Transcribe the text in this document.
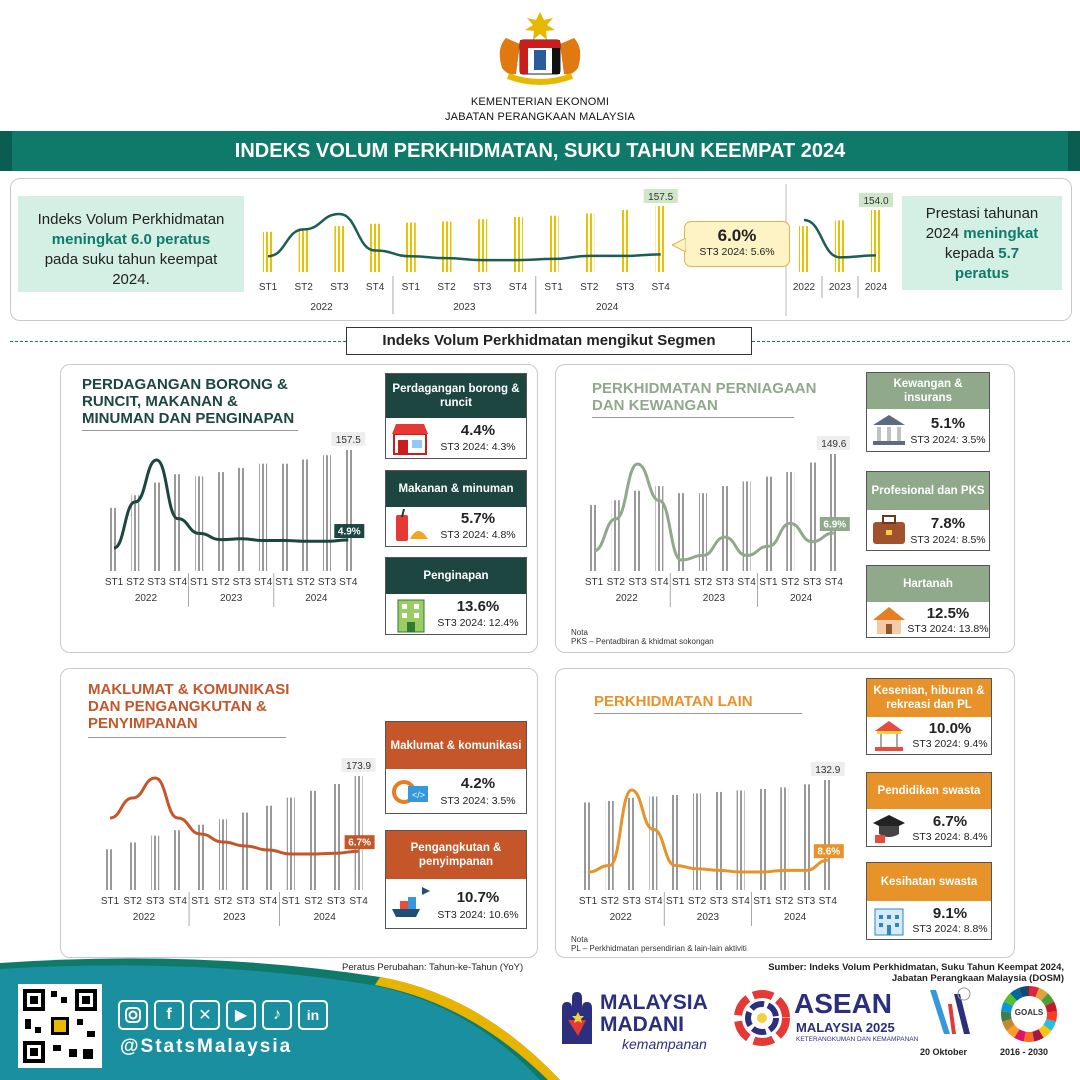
KEMENTERIAN EKONOMI
JABATAN PERANGKAAN MALAYSIA
INDEKS VOLUM PERKHIDMATAN, SUKU TAHUN KEEMPAT 2024
Indeks Volum Perkhidmatan
meningkat 6.0 peratus
pada suku tahun keempat
2024.
157.5
ST1 ST2 ST3 ST4 ST1 ST2 ST3 ST4 ST1 ST2 ST3 ST4
2022	2023	2024
2022 2023 2024
154.0
6.0%
ST3 2024: 5.6%
Prestasi tahunan
2024 meningkat
kepada 5.7
peratus
Indeks Volum Perkhidmatan mengikut Segmen
PERDAGANGAN BORONG &
RUNCIT, MAKANAN &
MINUMAN DAN PENGINAPAN
157.5
4.9%
ST1 ST2 ST3 ST4 ST1 ST2 ST3 ST4 ST1 ST2 ST3 ST4
2022	2023	2024
PERKHIDMATAN PERNIAGAAN
DAN KEWANGAN
149.6
6.9%
ST1 ST2 ST3 ST4 ST1 ST2 ST3 ST4 ST1 ST2 ST3 ST4
2022	2023	2024
Nota
PKS – Pentadbiran & khidmat sokongan
MAKLUMAT & KOMUNIKASI
DAN PENGANGKUTAN &
PENYIMPANAN
173.9
6.7%
ST1 ST2 ST3 ST4 ST1 ST2 ST3 ST4 ST1 ST2 ST3 ST4
2022	2023	2024
PERKHIDMATAN LAIN
132.9
8.6%
ST1 ST2 ST3 ST4 ST1 ST2 ST3 ST4 ST1 ST2 ST3 ST4
2022	2023	2024
Nota
PL – Perkhidmatan persendirian & lain-lain aktiviti
Perdagangan borong & runcit
4.4%
ST3 2024: 4.3%
Makanan & minuman
5.7%
ST3 2024: 4.8%
Penginapan
13.6%
ST3 2024: 12.4%
Kewangan & insurans
5.1%
ST3 2024: 3.5%
Profesional dan PKS
7.8%
ST3 2024: 8.5%
Hartanah
12.5%
ST3 2024: 13.8%
Maklumat & komunikasi
</>
4.2%
ST3 2024: 3.5%
Pengangkutan & penyimpanan
10.7%
ST3 2024: 10.6%
Kesenian, hiburan & rekreasi dan PL
10.0%
ST3 2024: 9.4%
Pendidikan swasta
6.7%
ST3 2024: 8.4%
Kesihatan swasta
9.1%
ST3 2024: 8.8%
Peratus Perubahan: Tahun-ke-Tahun (YoY)	Sumber: Indeks Volum Perkhidmatan, Suku Tahun Keempat 2024,
Jabatan Perangkaan Malaysia (DOSM)
f	✕	▶	♪	in
@StatsMalaysia
MALAYSIA
MADANI
kemampanan
ASEAN
MALAYSIA 2025
KETERANGKUMAN DAN KEMAMPANAN
20 Oktober
GOALS
2016 - 2030
